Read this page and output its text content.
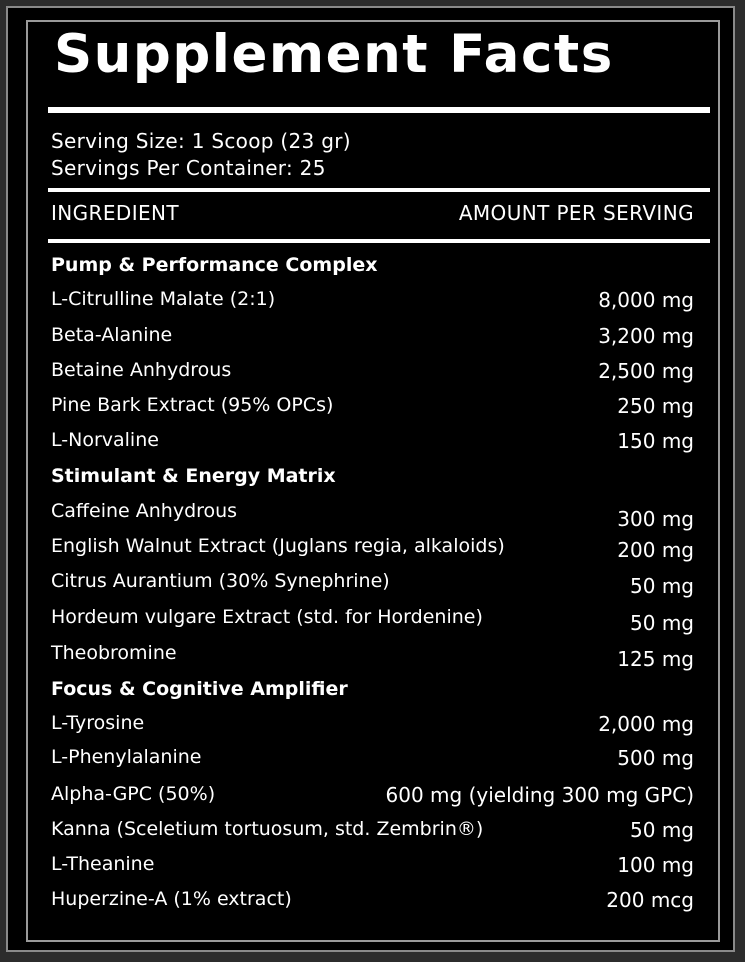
Supplement Facts
Serving Size: 1 Scoop (23 gr)
Servings Per Container: 25
INGREDIENT	AMOUNT PER SERVING
Pump & Performance Complex
L-Citrulline Malate (2:1)	8,000 mg
Beta-Alanine	3,200 mg
Betaine Anhydrous	2,500 mg
Pine Bark Extract (95% OPCs)	250 mg
L-Norvaline	150 mg
Stimulant & Energy Matrix
Caffeine Anhydrous	300 mg
English Walnut Extract (Juglans regia, alkaloids)	200 mg
Citrus Aurantium (30% Synephrine)	50 mg
Hordeum vulgare Extract (std. for Hordenine)	50 mg
Theobromine	125 mg
Focus & Cognitive Amplifier
L-Tyrosine	2,000 mg
L-Phenylalanine	500 mg
Alpha-GPC (50%)	600 mg (yielding 300 mg GPC)
Kanna (Sceletium tortuosum, std. Zembrin®)	50 mg
L-Theanine	100 mg
Huperzine-A (1% extract)	200 mcg
